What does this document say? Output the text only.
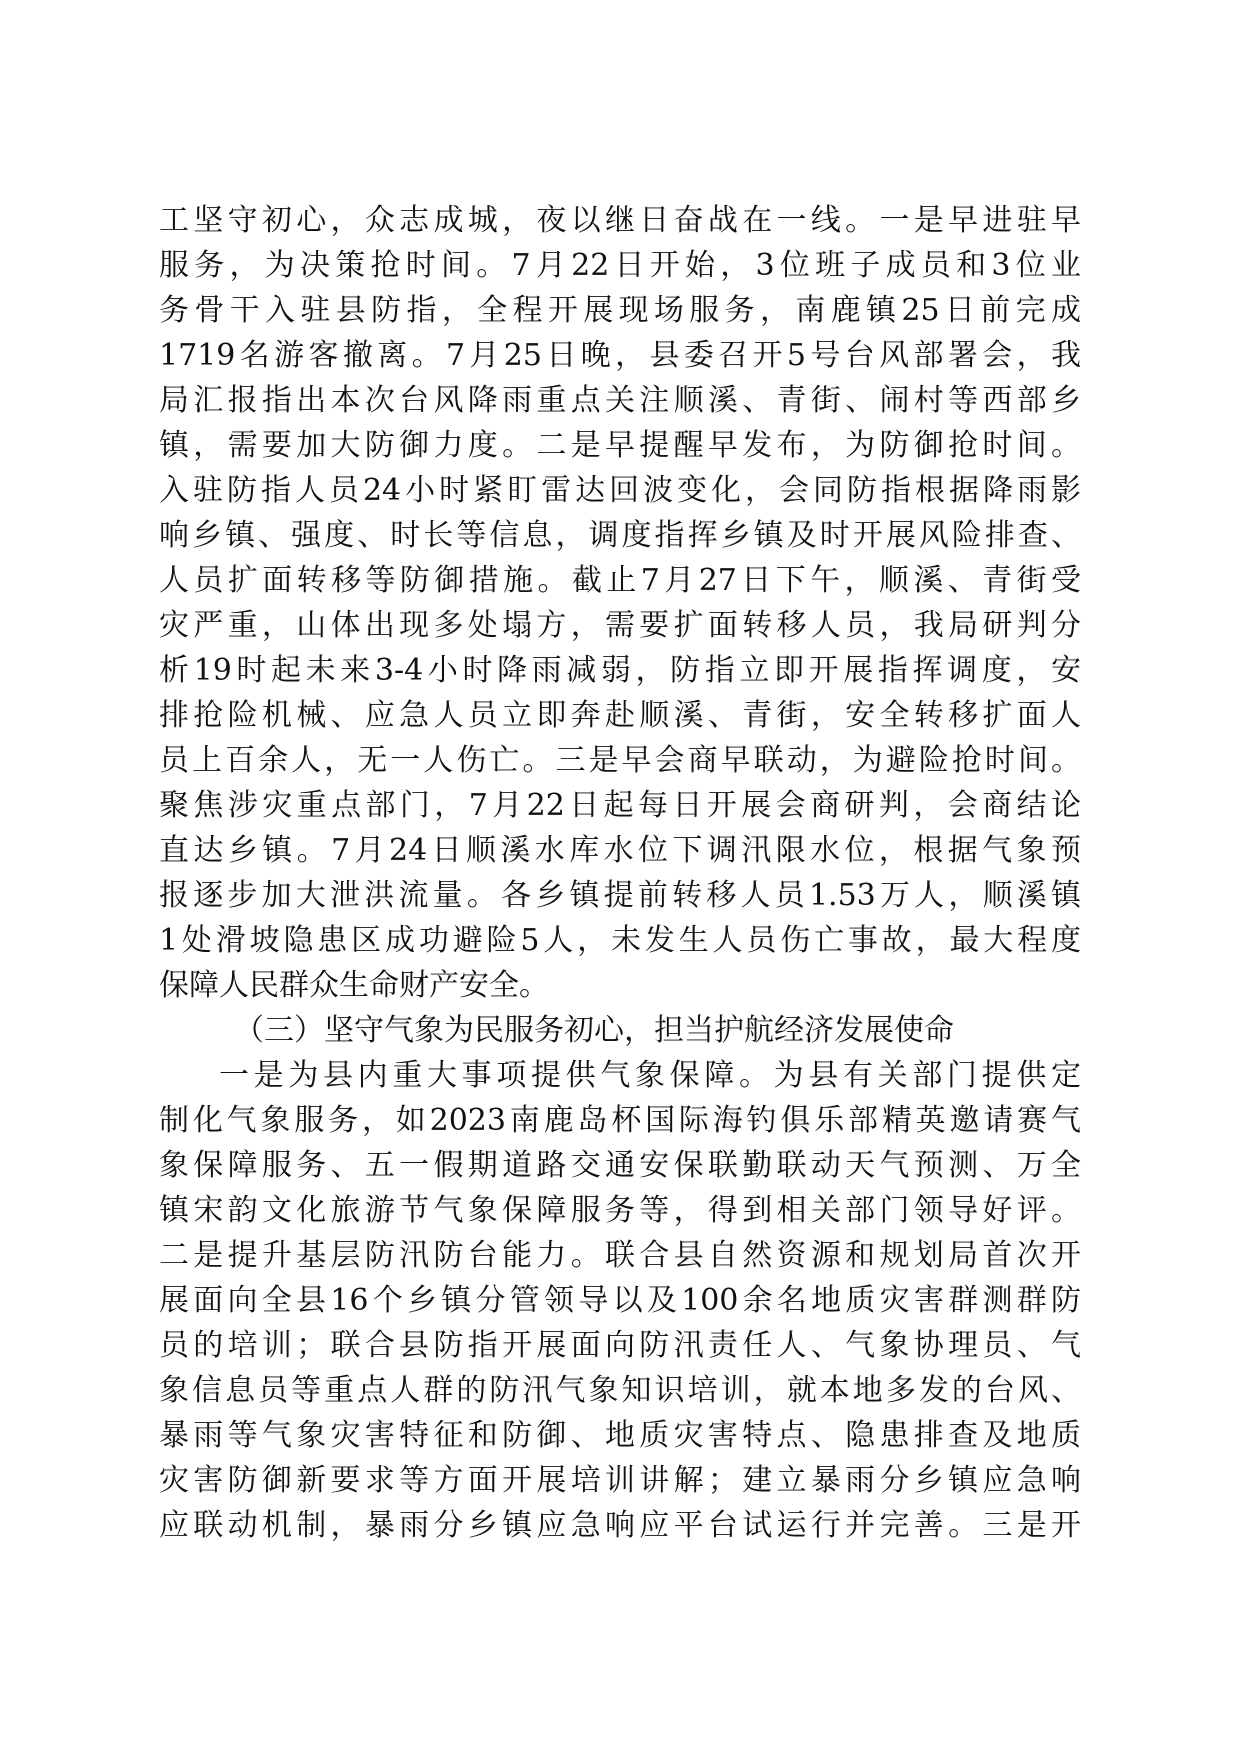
工坚守初心，众志成城，夜以继日奋战在一线。一是早进驻早
服务，为决策抢时间。7月22日开始，3位班子成员和3位业
务骨干入驻县防指，全程开展现场服务，南鹿镇25日前完成
1719名游客撤离。7月25日晚，县委召开5号台风部署会，我
局汇报指出本次台风降雨重点关注顺溪、青街、闹村等西部乡
镇，需要加大防御力度。二是早提醒早发布，为防御抢时间。
入驻防指人员24小时紧盯雷达回波变化，会同防指根据降雨影
响乡镇、强度、时长等信息，调度指挥乡镇及时开展风险排查、
人员扩面转移等防御措施。截止7月27日下午，顺溪、青街受
灾严重，山体出现多处塌方，需要扩面转移人员，我局研判分
析19时起未来3-4小时降雨减弱，防指立即开展指挥调度，安
排抢险机械、应急人员立即奔赴顺溪、青街，安全转移扩面人
员上百余人，无一人伤亡。三是早会商早联动，为避险抢时间。
聚焦涉灾重点部门，7月22日起每日开展会商研判，会商结论
直达乡镇。7月24日顺溪水库水位下调汛限水位，根据气象预
报逐步加大泄洪流量。各乡镇提前转移人员1.53万人，顺溪镇
1处滑坡隐患区成功避险5人，未发生人员伤亡事故，最大程度
保障人民群众生命财产安全。
（三）坚守气象为民服务初心，担当护航经济发展使命
一是为县内重大事项提供气象保障。为县有关部门提供定
制化气象服务，如2023南鹿岛杯国际海钓俱乐部精英邀请赛气
象保障服务、五一假期道路交通安保联勤联动天气预测、万全
镇宋韵文化旅游节气象保障服务等，得到相关部门领导好评。
二是提升基层防汛防台能力。联合县自然资源和规划局首次开
展面向全县16个乡镇分管领导以及100余名地质灾害群测群防
员的培训；联合县防指开展面向防汛责任人、气象协理员、气
象信息员等重点人群的防汛气象知识培训，就本地多发的台风、
暴雨等气象灾害特征和防御、地质灾害特点、隐患排查及地质
灾害防御新要求等方面开展培训讲解；建立暴雨分乡镇应急响
应联动机制，暴雨分乡镇应急响应平台试运行并完善。三是开
